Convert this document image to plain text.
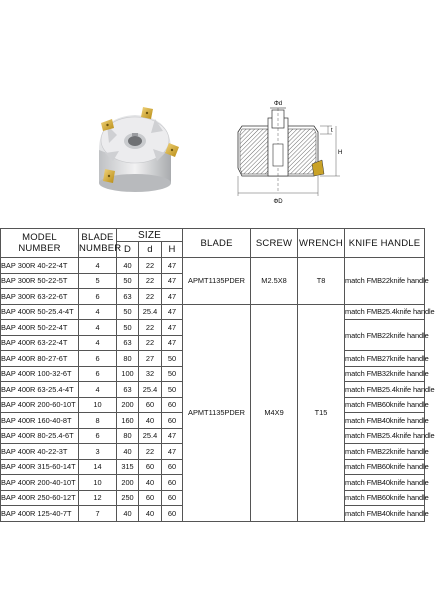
Φd
t
H
ΦD
MODEL NUMBER	BLADE
NUMBER	SIZE			BLADE	SCREW	WRENCH	KNIFE HANDLE
		D	d	H				
BAP 300R 40-22-4T	4	40	22	47	APMT1135PDER	M2.5X8	T8	match FMB22knife handle
BAP 300R 50-22-5T	5	50	22	47				
BAP 300R 63-22-6T	6	63	22	47				
BAP 400R 50-25.4-4T	4	50	25.4	47	APMT1135PDER	M4X9	T15	match FMB25.4knife handle
BAP 400R 50-22-4T	4	50	22	47				match FMB22knife handle
BAP 400R 63-22-4T	4	63	22	47				
BAP 400R 80-27-6T	6	80	27	50				match FMB27knife handle
BAP 400R 100-32-6T	6	100	32	50				match FMB32knife handle
BAP 400R 63-25.4-4T	4	63	25.4	50				match FMB25.4knife handle
BAP 400R 200-60-10T	10	200	60	60				match FMB60knife handle
BAP 400R 160-40-8T	8	160	40	60				match FMB40knife handle
BAP 400R 80-25.4-6T	6	80	25.4	47				match FMB25.4knife handle
BAP 400R 40-22-3T	3	40	22	47				match FMB22knife handle
BAP 400R 315-60-14T	14	315	60	60				match FMB60knife handle
BAP 400R 200-40-10T	10	200	40	60				match FMB40knife handle
BAP 400R 250-60-12T	12	250	60	60				match FMB60knife handle
BAP 400R 125-40-7T	7	40	40	60				match FMB40knife handle
